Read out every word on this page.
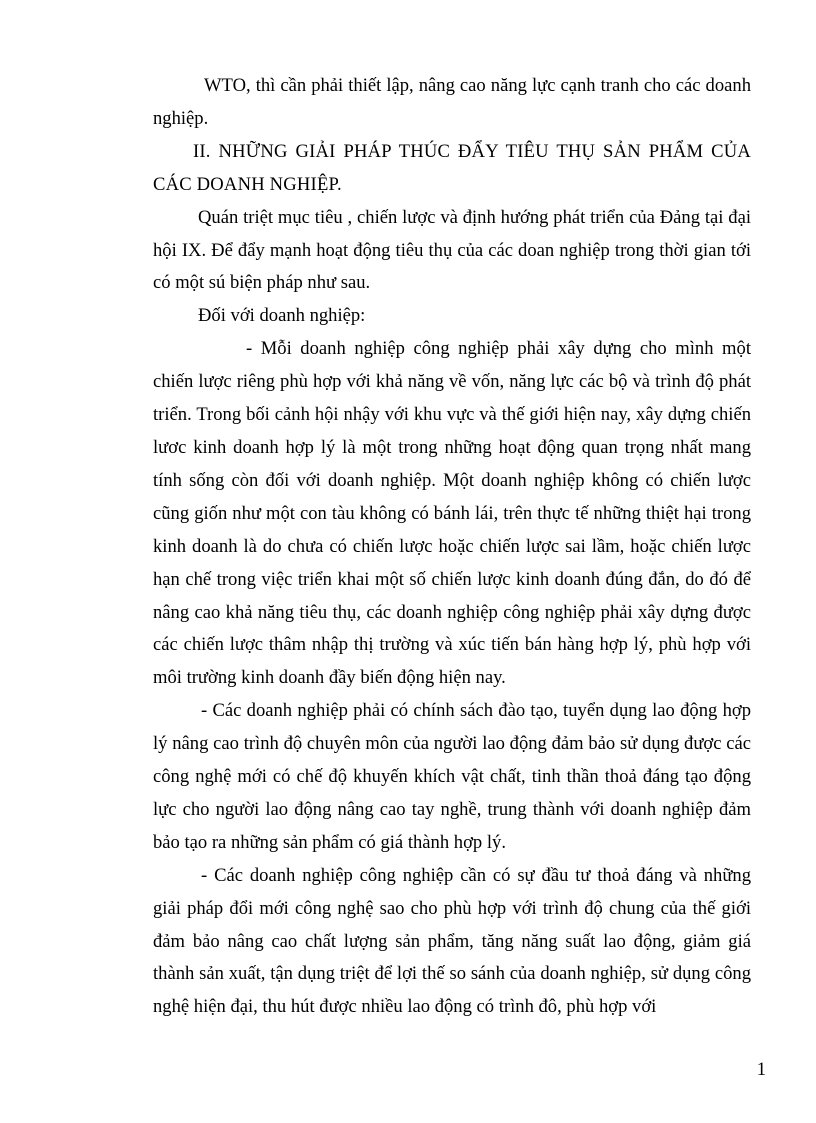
WTO, thì cần phải thiết lập, nâng cao năng lực cạnh tranh cho các doanh nghiệp.

II. NHỮNG GIẢI PHÁP THÚC ĐẨY TIÊU THỤ SẢN PHẨM CỦA CÁC DOANH NGHIỆP.

Quán triệt mục tiêu , chiến lược và định hướng phát triển của Đảng tại đại hội IX. Để đẩy mạnh hoạt động tiêu thụ của các doan nghiệp trong thời gian tới có một sú biện pháp như sau.

Đối với doanh nghiệp:

- Mỗi doanh nghiệp công nghiệp phải xây dựng cho mình một chiến lược riêng phù hợp với khả năng về vốn, năng lực các bộ và trình độ phát triển. Trong bối cảnh hội nhậy với khu vực và thế giới hiện nay, xây dựng chiến lươc kinh doanh hợp lý là một trong những hoạt động quan trọng nhất mang tính sống còn đối với doanh nghiệp. Một doanh nghiệp không có chiến lược cũng giốn như một con tàu không có bánh lái, trên thực tế những thiệt hại trong kinh doanh là do chưa có chiến lược hoặc chiến lược sai lầm, hoặc chiến lược hạn chế trong việc triển khai một số chiến lược kinh doanh đúng đắn, do đó để nâng cao khả năng tiêu thụ, các doanh nghiệp công nghiệp phải xây dựng được các chiến lược thâm nhập thị trường và xúc tiến bán hàng hợp lý, phù hợp với môi trường kinh doanh đầy biến động hiện nay.

- Các doanh nghiệp phải có chính sách đào tạo, tuyển dụng lao động hợp lý nâng cao trình độ chuyên môn của người lao động đảm bảo sử dụng được các công nghệ mới có chế độ khuyến khích vật chất, tinh thần thoả đáng tạo động lực cho người lao động nâng cao tay nghề, trung thành với doanh nghiệp đảm bảo tạo ra những sản phẩm có giá thành hợp lý.

- Các doanh nghiệp công nghiệp cần có sự đầu tư thoả đáng và những giải pháp đổi mới công nghệ sao cho phù hợp với trình độ chung của thế giới đảm bảo nâng cao chất lượng sản phẩm, tăng năng suất lao động, giảm giá thành sản xuất, tận dụng triệt để lợi thế so sánh của doanh nghiệp, sử dụng công nghệ hiện đại, thu hút được nhiều lao động có trình đô, phù hợp với

1
